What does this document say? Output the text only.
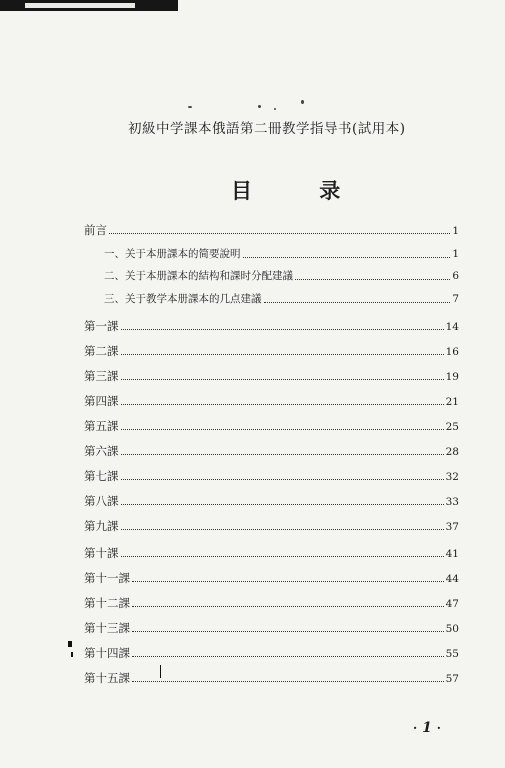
初級中学課本俄語第二冊教学指导书(試用本)
目 录
前言	1
一、关于本册課本的简要說明	1
二、关于本册課本的結构和課时分配建議	6
三、关于教学本册課本的几点建議	7
第一課	14
第二課	16
第三課	19
第四課	21
第五課	25
第六課	28
第七課	32
第八課	33
第九課	37
第十課	41
第十一課	44
第十二課	47
第十三課	50
第十四課	55
第十五課	57
· 1 ·
